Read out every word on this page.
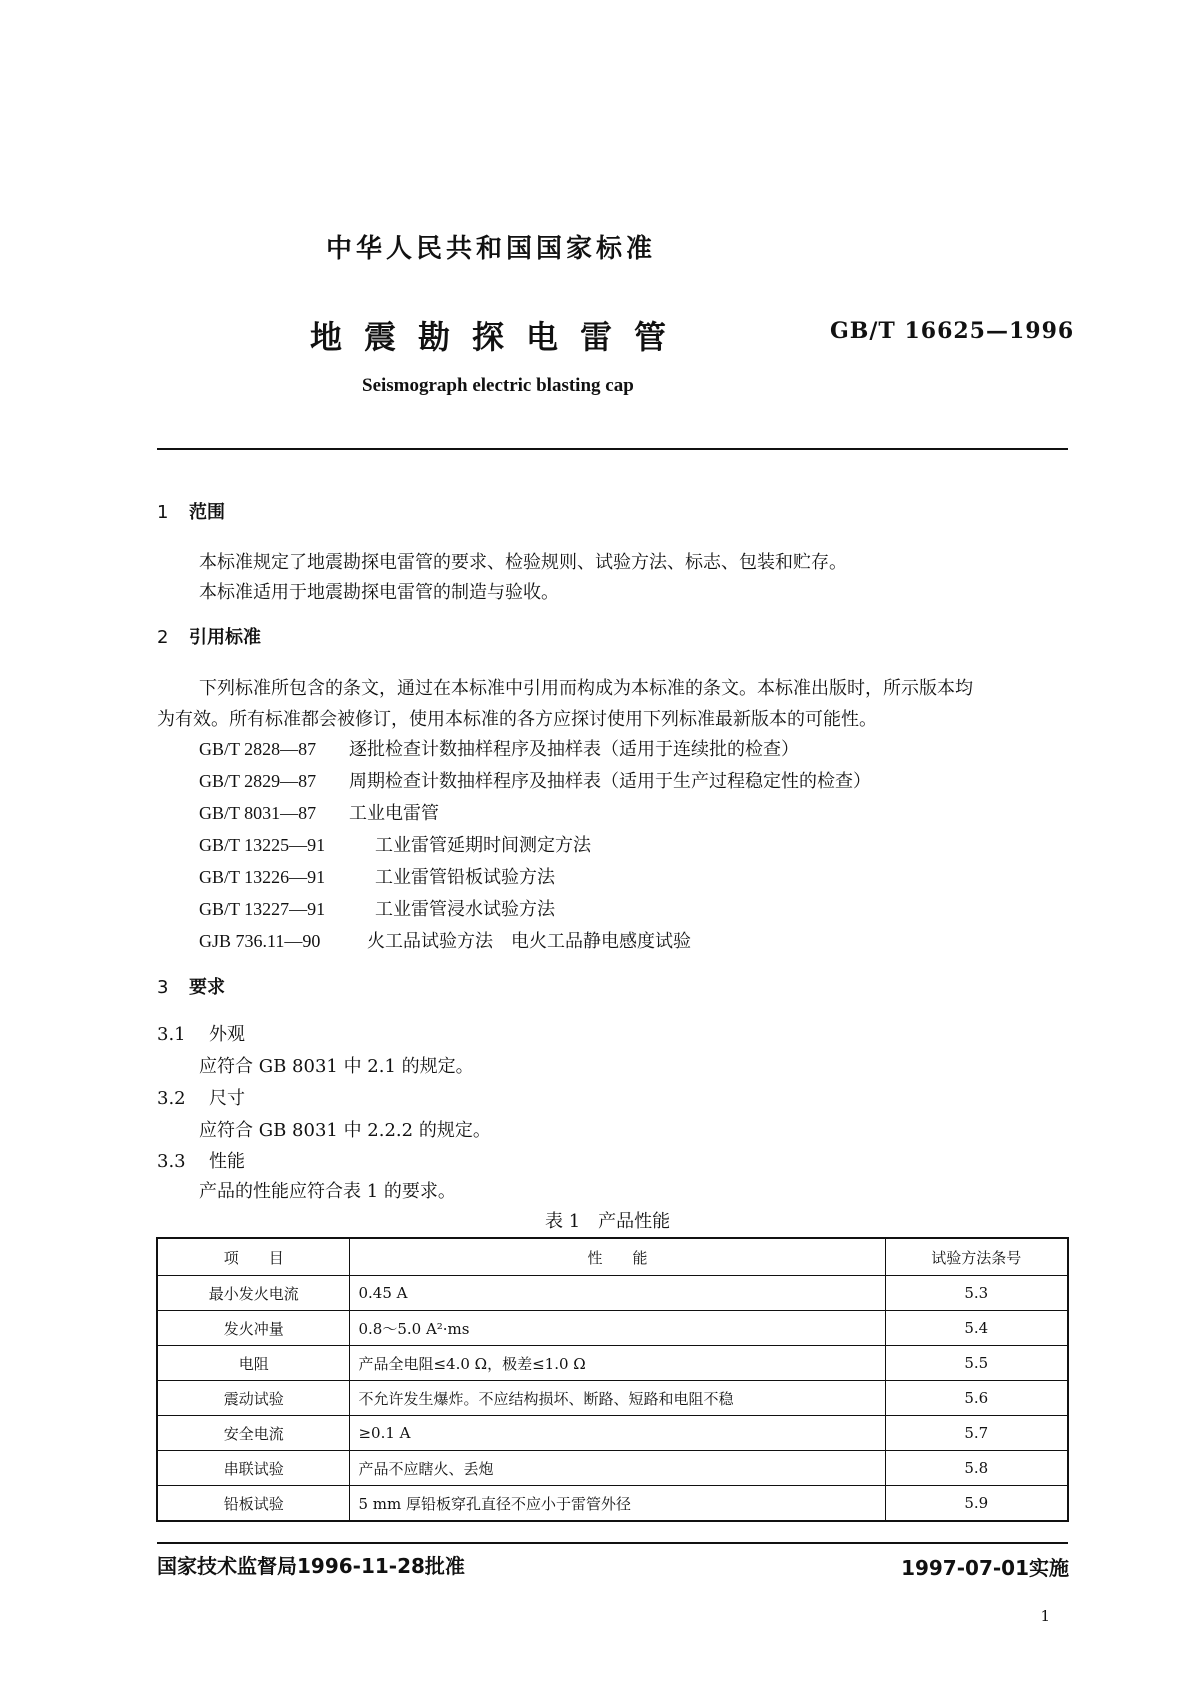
中华人民共和国国家标准
地震勘探电雷管	GB/T 16625—1996
Seismograph electric blasting cap
1 范围
本标准规定了地震勘探电雷管的要求、检验规则、试验方法、标志、包装和贮存。
本标准适用于地震勘探电雷管的制造与验收。
2 引用标准
下列标准所包含的条文，通过在本标准中引用而构成为本标准的条文。本标准出版时，所示版本均
为有效。所有标准都会被修订，使用本标准的各方应探讨使用下列标准最新版本的可能性。
GB/T 2828—87 逐批检查计数抽样程序及抽样表（适用于连续批的检查）
GB/T 2829—87 周期检查计数抽样程序及抽样表（适用于生产过程稳定性的检查）
GB/T 8031—87 工业电雷管
GB/T 13225—91	工业雷管延期时间测定方法
GB/T 13226—91	工业雷管铅板试验方法
GB/T 13227—91	工业雷管浸水试验方法
GJB 736.11—90	火工品试验方法　电火工品静电感度试验
3 要求
3.1 外观
应符合 GB 8031 中 2.1 的规定。
3.2 尺寸
应符合 GB 8031 中 2.2.2 的规定。
3.3 性能
产品的性能应符合表 1 的要求。
表 1　产品性能
项　　目	性　　能	试验方法条号
最小发火电流	0.45 A	5.3
发火冲量	0.8～5.0 A²·ms	5.4
电阻	产品全电阻≤4.0 Ω，极差≤1.0 Ω	5.5
震动试验	不允许发生爆炸。不应结构损坏、断路、短路和电阻不稳	5.6
安全电流	≥0.1 A	5.7
串联试验	产品不应瞎火、丢炮	5.8
铅板试验	5 mm 厚铅板穿孔直径不应小于雷管外径	5.9
国家技术监督局1996-11-28批准	1997-07-01实施
1
